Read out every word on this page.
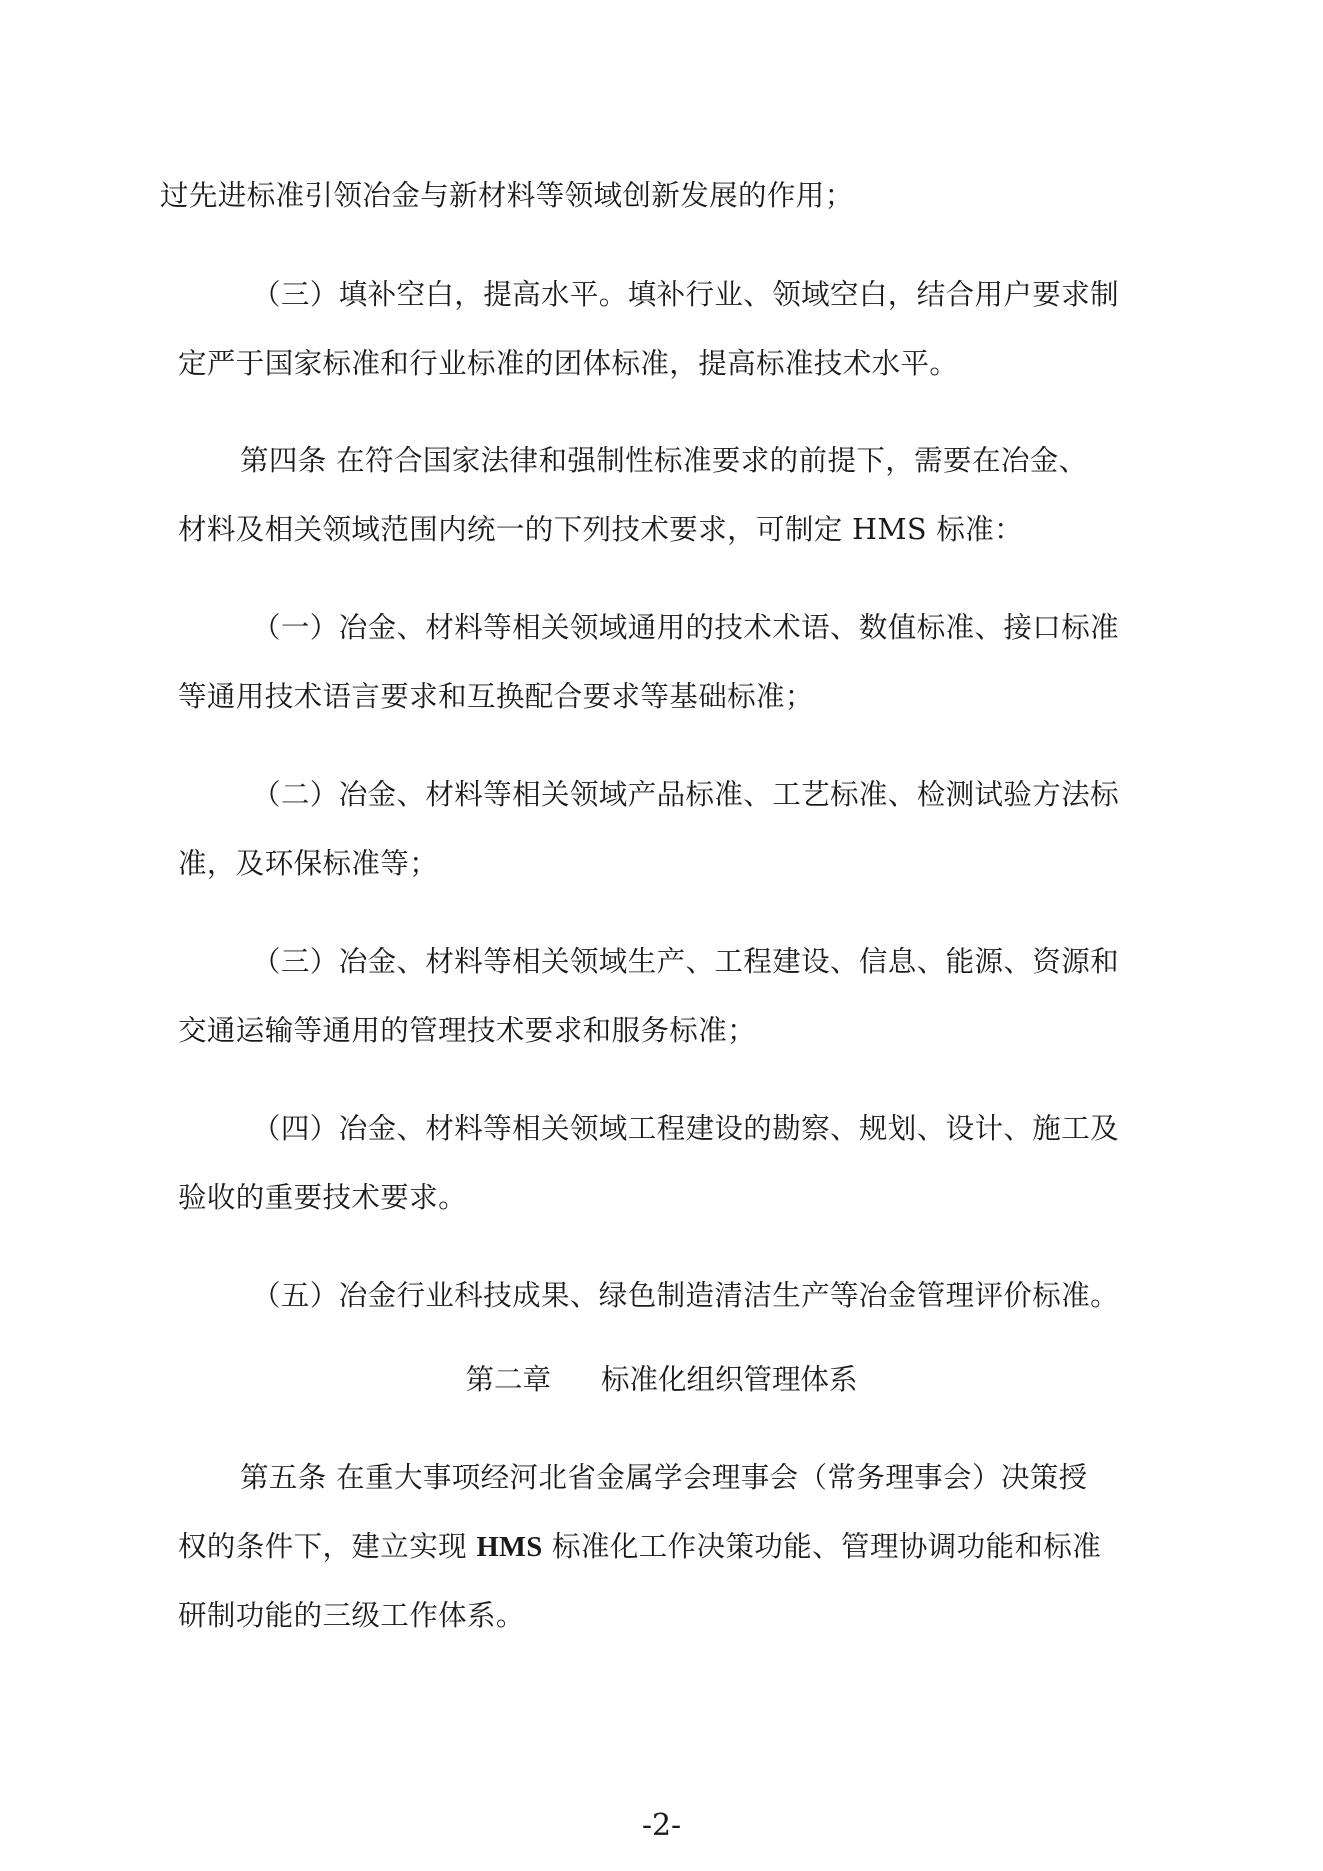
过先进标准引领冶金与新材料等领域创新发展的作用；
（三）填补空白，提高水平。填补行业、领域空白，结合用户要求制
定严于国家标准和行业标准的团体标准，提高标准技术水平。
第四条 在符合国家法律和强制性标准要求的前提下，需要在冶金、
材料及相关领域范围内统一的下列技术要求，可制定 HMS 标准：
（一）冶金、材料等相关领域通用的技术术语、数值标准、接口标准
等通用技术语言要求和互换配合要求等基础标准；
（二）冶金、材料等相关领域产品标准、工艺标准、检测试验方法标
准，及环保标准等；
（三）冶金、材料等相关领域生产、工程建设、信息、能源、资源和
交通运输等通用的管理技术要求和服务标准；
（四）冶金、材料等相关领域工程建设的勘察、规划、设计、施工及
验收的重要技术要求。
（五）冶金行业科技成果、绿色制造清洁生产等冶金管理评价标准。
第二章 标准化组织管理体系
第五条 在重大事项经河北省金属学会理事会（常务理事会）决策授
权的条件下，建立实现 HMS 标准化工作决策功能、管理协调功能和标准
研制功能的三级工作体系。
-2-
